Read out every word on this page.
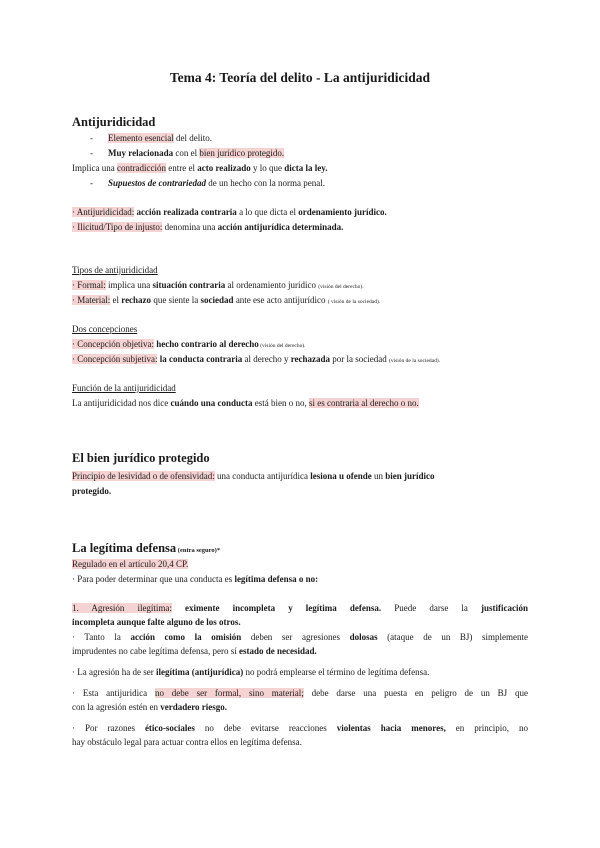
Tema 4: Teoría del delito - La antijuridicidad
Antijuridicidad
- Elemento esencial del delito.
- Muy relacionada con el bien jurídico protegido.
Implica una contradicción entre el acto realizado y lo que dicta la ley.
- Supuestos de contrariedad de un hecho con la norma penal.
· Antijuridicidad: acción realizada contraria a lo que dicta el ordenamiento jurídico.
· Ilicitud/Tipo de injusto: denomina una acción antijurídica determinada.
Tipos de antijuridicidad
· Formal: implica una situación contraria al ordenamiento jurídico (visión del derecho).
· Material: el rechazo que siente la sociedad ante ese acto antijurídico ( visión de la sociedad).
Dos concepciones
· Concepción objetiva: hecho contrario al derecho (visión del derecho).
· Concepción subjetiva: la conducta contraria al derecho y rechazada por la sociedad (visión de la sociedad).
Función de la antijuridicidad
La antijuridicidad nos dice cuándo una conducta está bien o no, si es contraria al derecho o no.
El bien jurídico protegido
Principio de lesividad o de ofensividad: una conducta antijurídica lesiona u ofende un bien jurídico
protegido.
La legítima defensa (entra seguro)*
Regulado en el artículo 20,4 CP.
· Para poder determinar que una conducta es legítima defensa o no:
1. Agresión ilegítima: eximente incompleta y legítima defensa. Puede darse la justificación
incompleta aunque falte alguno de los otros.
· Tanto la acción como la omisión deben ser agresiones dolosas (ataque de un BJ) simplemente
imprudentes no cabe legítima defensa, pero sí estado de necesidad.
· La agresión ha de ser ilegítima (antijurídica) no podrá emplearse el término de legítima defensa.
· Esta antijuridica no debe ser formal, sino material; debe darse una puesta en peligro de un BJ que
con la agresión estén en verdadero riesgo.
· Por razones ético-sociales no debe evitarse reacciones violentas hacia menores, en principio, no
hay obstáculo legal para actuar contra ellos en legítima defensa.
